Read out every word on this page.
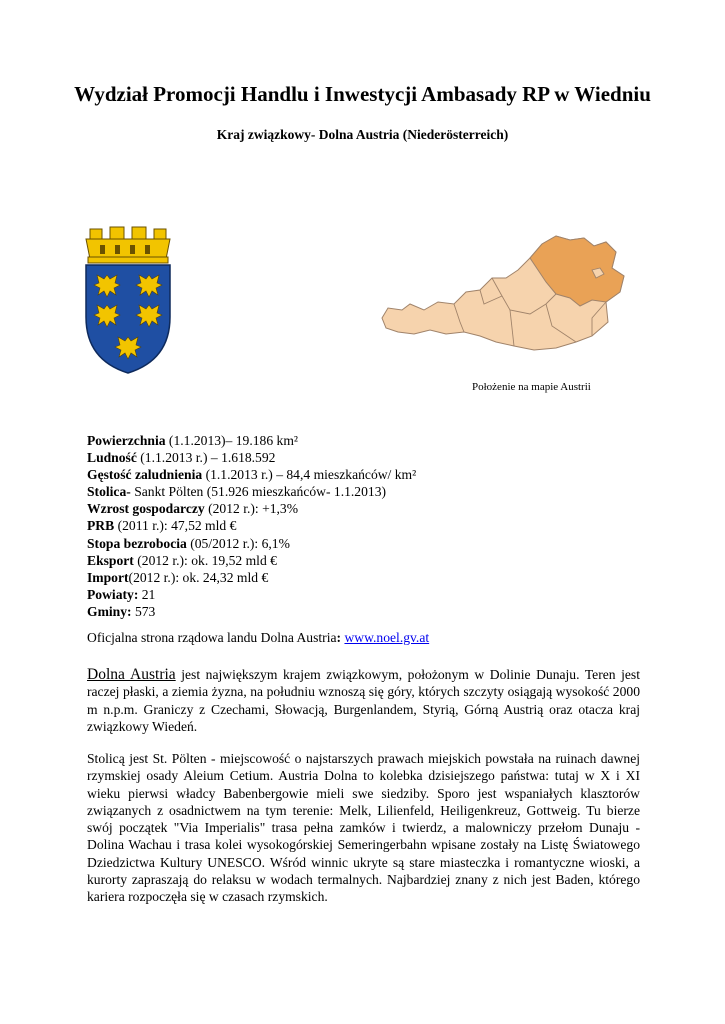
Wydział Promocji Handlu i Inwestycji Ambasady RP w Wiedniu
Kraj związkowy- Dolna Austria (Niederösterreich)
Położenie na mapie Austrii
Powierzchnia (1.1.2013)– 19.186 km²
Ludność (1.1.2013 r.) – 1.618.592
Gęstość zaludnienia (1.1.2013 r.) – 84,4 mieszkańców/ km²
Stolica- Sankt Pölten (51.926 mieszkańców- 1.1.2013)
Wzrost gospodarczy (2012 r.): +1,3%
PRB (2011 r.): 47,52 mld €
Stopa bezrobocia (05/2012 r.): 6,1%
Eksport (2012 r.): ok. 19,52 mld €
Import(2012 r.): ok. 24,32 mld €
Powiaty: 21
Gminy: 573
Oficjalna strona rządowa landu Dolna Austria: www.noel.gv.at

Dolna Austria jest największym krajem związkowym, położonym w Dolinie Dunaju. Teren jest raczej płaski, a ziemia żyzna, na południu wznoszą się góry, których szczyty osiągają wysokość 2000 m n.p.m. Graniczy z Czechami, Słowacją, Burgenlandem, Styrią, Górną Austrią oraz otacza kraj związkowy Wiedeń.

Stolicą jest St. Pölten - miejscowość o najstarszych prawach miejskich powstała na ruinach dawnej rzymskiej osady Aleium Cetium. Austria Dolna to kolebka dzisiejszego państwa: tutaj w X i XI wieku pierwsi władcy Babenbergowie mieli swe siedziby. Sporo jest wspaniałych klasztorów związanych z osadnictwem na tym terenie: Melk, Lilienfeld, Heiligenkreuz, Gottweig. Tu bierze swój początek "Via Imperialis" trasa pełna zamków i twierdz, a malowniczy przełom Dunaju - Dolina Wachau i trasa kolei wysokogórskiej Semeringerbahn wpisane zostały na Listę Światowego Dziedzictwa Kultury UNESCO. Wśród winnic ukryte są stare miasteczka i romantyczne wioski, a kurorty zapraszają do relaksu w wodach termalnych. Najbardziej znany z nich jest Baden, którego kariera rozpoczęła się w czasach rzymskich.
